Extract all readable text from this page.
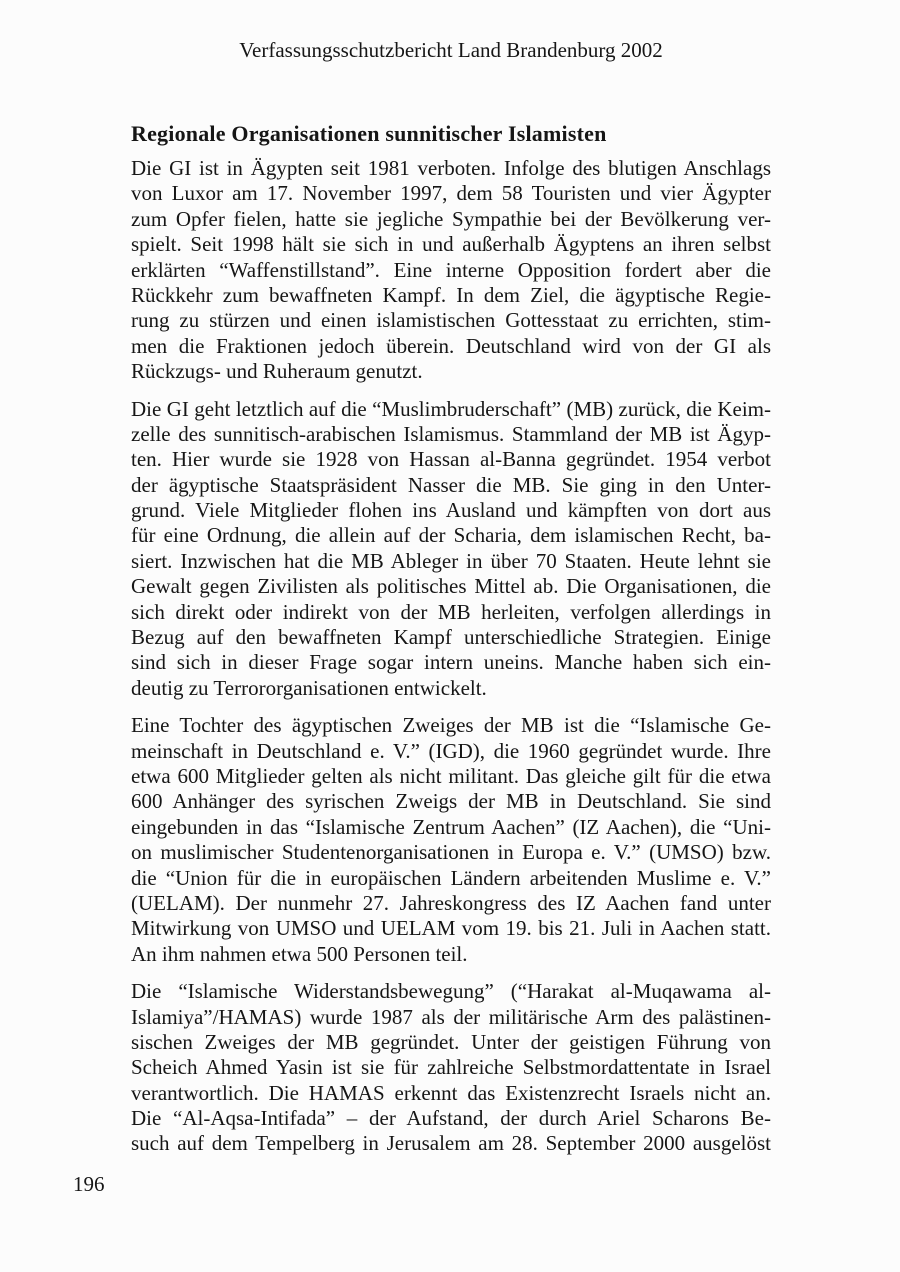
Verfassungsschutzbericht Land Brandenburg 2002
Regionale Organisationen sunnitischer Islamisten

Die GI ist in Ägypten seit 1981 verboten. Infolge des blutigen Anschlags
von Luxor am 17. November 1997, dem 58 Touristen und vier Ägypter
zum Opfer fielen, hatte sie jegliche Sympathie bei der Bevölkerung ver-
spielt. Seit 1998 hält sie sich in und außerhalb Ägyptens an ihren selbst
erklärten “Waffenstillstand”. Eine interne Opposition fordert aber die
Rückkehr zum bewaffneten Kampf. In dem Ziel, die ägyptische Regie-
rung zu stürzen und einen islamistischen Gottesstaat zu errichten, stim-
men die Fraktionen jedoch überein. Deutschland wird von der GI als
Rückzugs- und Ruheraum genutzt.

Die GI geht letztlich auf die “Muslimbruderschaft” (MB) zurück, die Keim-
zelle des sunnitisch-arabischen Islamismus. Stammland der MB ist Ägyp-
ten. Hier wurde sie 1928 von Hassan al-Banna gegründet. 1954 verbot
der ägyptische Staatspräsident Nasser die MB. Sie ging in den Unter-
grund. Viele Mitglieder flohen ins Ausland und kämpften von dort aus
für eine Ordnung, die allein auf der Scharia, dem islamischen Recht, ba-
siert. Inzwischen hat die MB Ableger in über 70 Staaten. Heute lehnt sie
Gewalt gegen Zivilisten als politisches Mittel ab. Die Organisationen, die
sich direkt oder indirekt von der MB herleiten, verfolgen allerdings in
Bezug auf den bewaffneten Kampf unterschiedliche Strategien. Einige
sind sich in dieser Frage sogar intern uneins. Manche haben sich ein-
deutig zu Terrororganisationen entwickelt.

Eine Tochter des ägyptischen Zweiges der MB ist die “Islamische Ge-
meinschaft in Deutschland e. V.” (IGD), die 1960 gegründet wurde. Ihre
etwa 600 Mitglieder gelten als nicht militant. Das gleiche gilt für die etwa
600 Anhänger des syrischen Zweigs der MB in Deutschland. Sie sind
eingebunden in das “Islamische Zentrum Aachen” (IZ Aachen), die “Uni-
on muslimischer Studentenorganisationen in Europa e. V.” (UMSO) bzw.
die “Union für die in europäischen Ländern arbeitenden Muslime e. V.”
(UELAM). Der nunmehr 27. Jahreskongress des IZ Aachen fand unter
Mitwirkung von UMSO und UELAM vom 19. bis 21. Juli in Aachen statt.
An ihm nahmen etwa 500 Personen teil.

Die “Islamische Widerstandsbewegung” (“Harakat al-Muqawama al-
Islamiya”/HAMAS) wurde 1987 als der militärische Arm des palästinen-
sischen Zweiges der MB gegründet. Unter der geistigen Führung von
Scheich Ahmed Yasin ist sie für zahlreiche Selbstmordattentate in Israel
verantwortlich. Die HAMAS erkennt das Existenzrecht Israels nicht an.
Die “Al-Aqsa-Intifada” – der Aufstand, der durch Ariel Scharons Be-
such auf dem Tempelberg in Jerusalem am 28. September 2000 ausgelöst

196
